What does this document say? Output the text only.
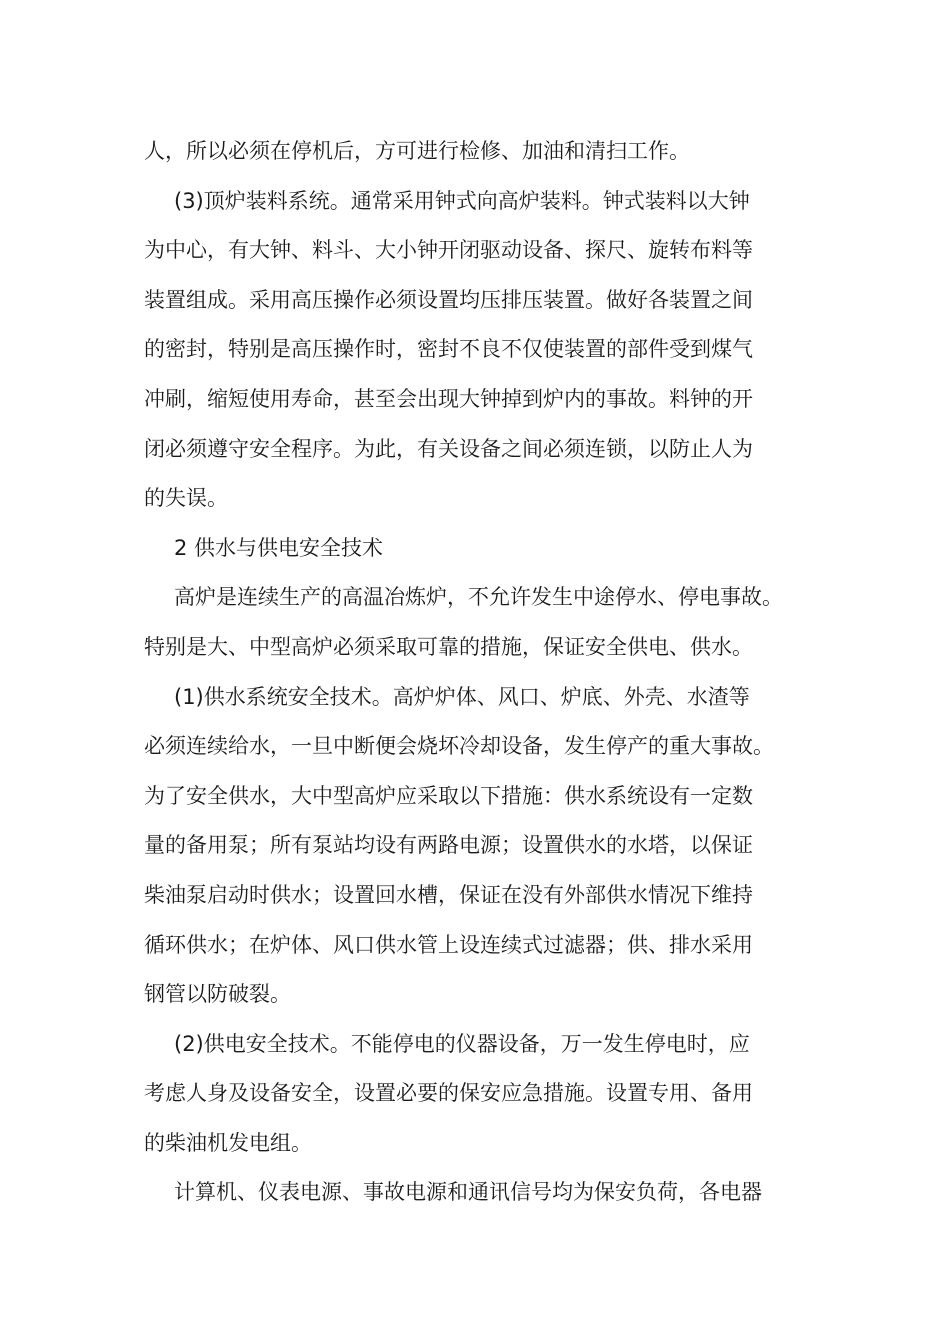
人，所以必须在停机后，方可进行检修、加油和清扫工作。
(3)顶炉装料系统。通常采用钟式向高炉装料。钟式装料以大钟
为中心，有大钟、料斗、大小钟开闭驱动设备、探尺、旋转布料等
装置组成。采用高压操作必须设置均压排压装置。做好各装置之间
的密封，特别是高压操作时，密封不良不仅使装置的部件受到煤气
冲刷，缩短使用寿命，甚至会出现大钟掉到炉内的事故。料钟的开
闭必须遵守安全程序。为此，有关设备之间必须连锁，以防止人为
的失误。
2 供水与供电安全技术
高炉是连续生产的高温冶炼炉，不允许发生中途停水、停电事故。
特别是大、中型高炉必须采取可靠的措施，保证安全供电、供水。
(1)供水系统安全技术。高炉炉体、风口、炉底、外壳、水渣等
必须连续给水，一旦中断便会烧坏冷却设备，发生停产的重大事故。
为了安全供水，大中型高炉应采取以下措施：供水系统设有一定数
量的备用泵；所有泵站均设有两路电源；设置供水的水塔，以保证
柴油泵启动时供水；设置回水槽，保证在没有外部供水情况下维持
循环供水；在炉体、风口供水管上设连续式过滤器；供、排水采用
钢管以防破裂。
(2)供电安全技术。不能停电的仪器设备，万一发生停电时，应
考虑人身及设备安全，设置必要的保安应急措施。设置专用、备用
的柴油机发电组。
计算机、仪表电源、事故电源和通讯信号均为保安负荷，各电器
